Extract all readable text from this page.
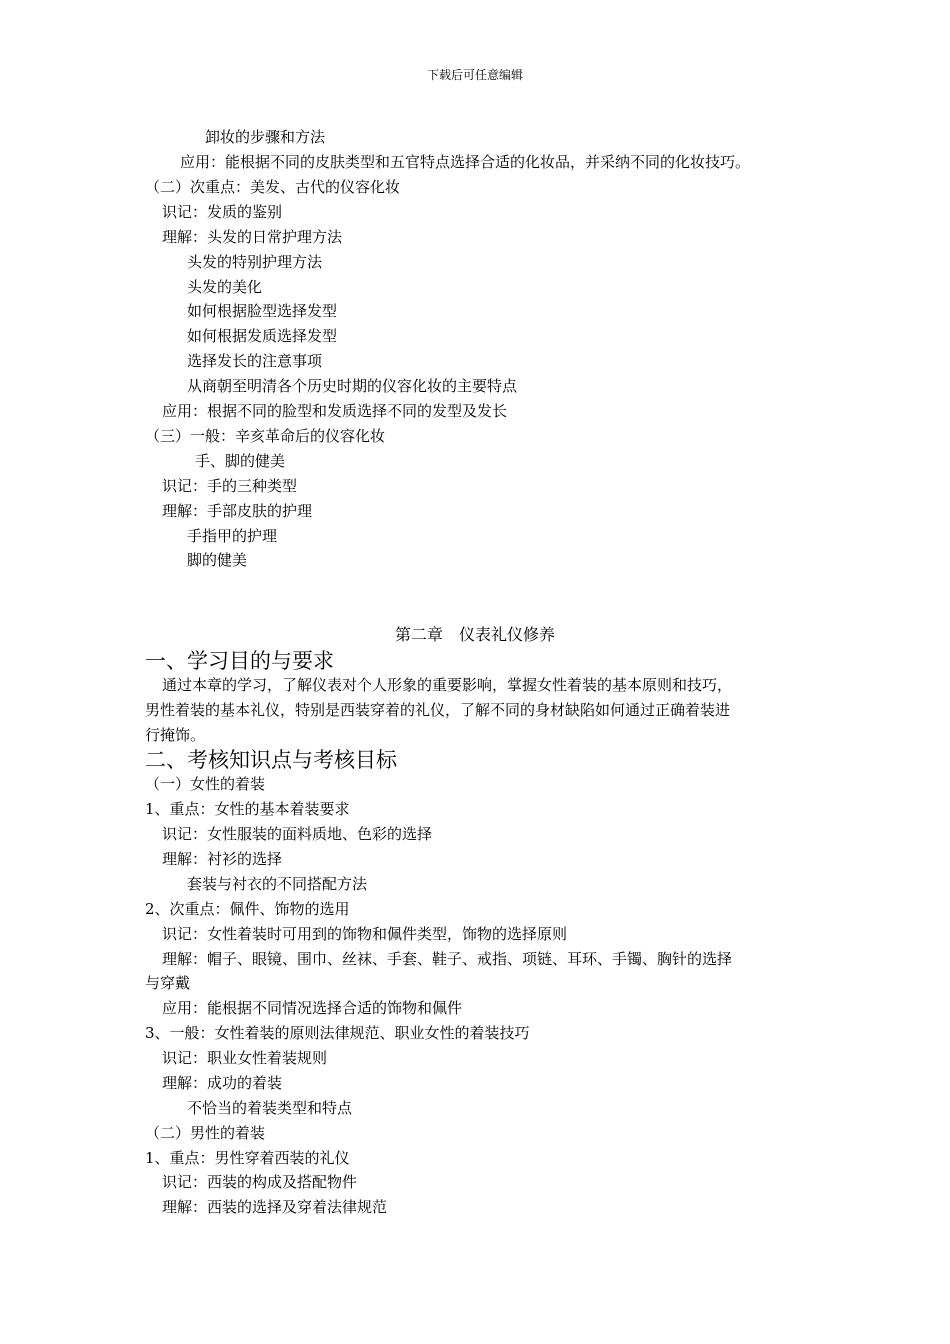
下载后可任意编辑
卸妆的步骤和方法
应用：能根据不同的皮肤类型和五官特点选择合适的化妆品，并采纳不同的化妆技巧。
（二）次重点：美发、古代的仪容化妆
识记：发质的鉴别
理解：头发的日常护理方法
头发的特别护理方法
头发的美化
如何根据脸型选择发型
如何根据发质选择发型
选择发长的注意事项
从商朝至明清各个历史时期的仪容化妆的主要特点
应用：根据不同的脸型和发质选择不同的发型及发长
（三）一般：辛亥革命后的仪容化妆
手、脚的健美
识记：手的三种类型
理解：手部皮肤的护理
手指甲的护理
脚的健美
第二章　仪表礼仪修养
一、学习目的与要求
通过本章的学习，了解仪表对个人形象的重要影响，掌握女性着装的基本原则和技巧，
男性着装的基本礼仪，特别是西装穿着的礼仪，了解不同的身材缺陷如何通过正确着装进
行掩饰。
二、考核知识点与考核目标
（一）女性的着装
1、重点：女性的基本着装要求
识记：女性服装的面料质地、色彩的选择
理解：衬衫的选择
套装与衬衣的不同搭配方法
2、次重点：佩件、饰物的选用
识记：女性着装时可用到的饰物和佩件类型，饰物的选择原则
理解：帽子、眼镜、围巾、丝袜、手套、鞋子、戒指、项链、耳环、手镯、胸针的选择
与穿戴
应用：能根据不同情况选择合适的饰物和佩件
3、一般：女性着装的原则法律规范、职业女性的着装技巧
识记：职业女性着装规则
理解：成功的着装
不恰当的着装类型和特点
（二）男性的着装
1、重点：男性穿着西装的礼仪
识记：西装的构成及搭配物件
理解：西装的选择及穿着法律规范
